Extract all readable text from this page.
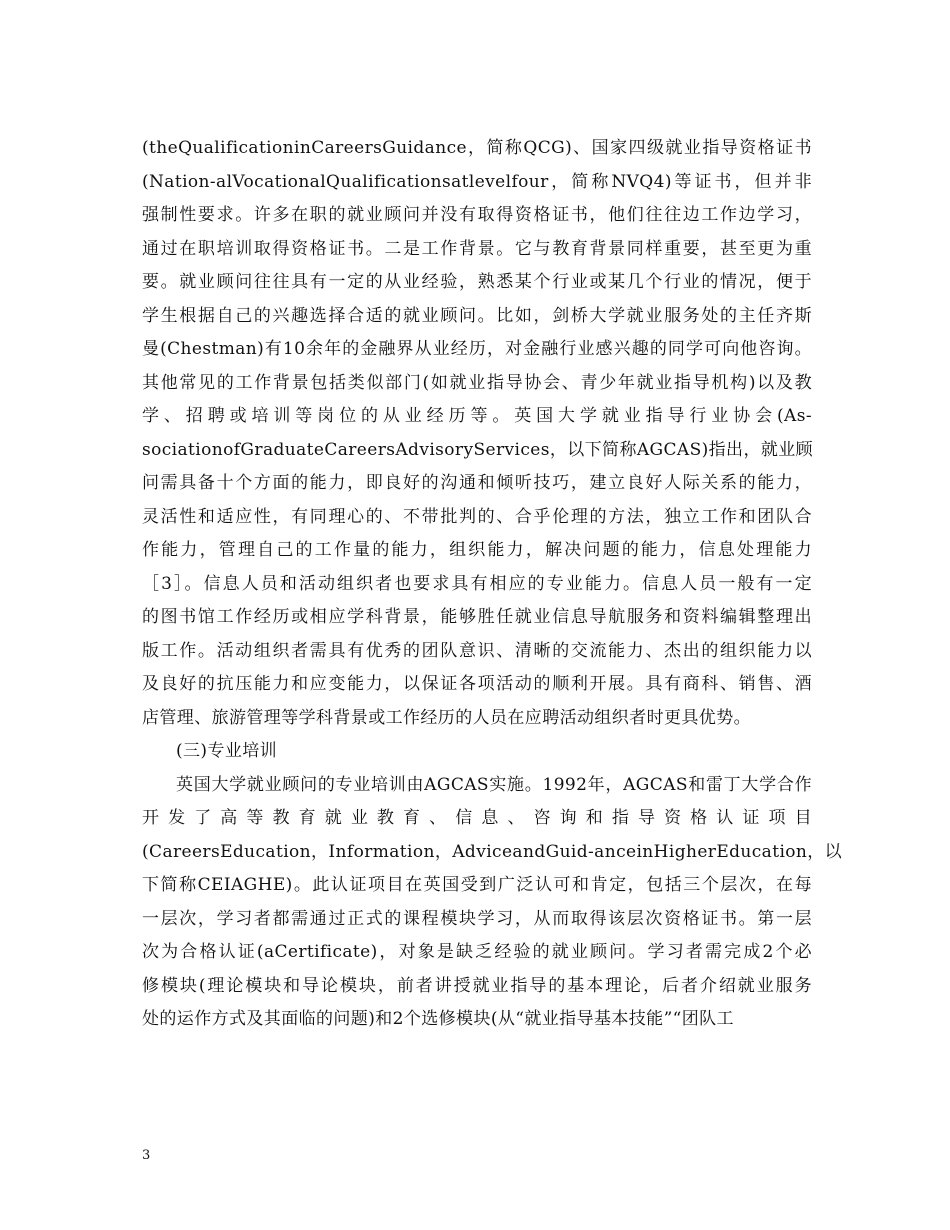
(theQualificationinCareersGuidance，简称QCG)、国家四级就业指导资格证书
(Nation-alVocationalQualificationsatlevelfour，简称NVQ4)等证书，但并非
强制性要求。许多在职的就业顾问并没有取得资格证书，他们往往边工作边学习，
通过在职培训取得资格证书。二是工作背景。它与教育背景同样重要，甚至更为重
要。就业顾问往往具有一定的从业经验，熟悉某个行业或某几个行业的情况，便于
学生根据自己的兴趣选择合适的就业顾问。比如，剑桥大学就业服务处的主任齐斯
曼(Chestman)有10余年的金融界从业经历，对金融行业感兴趣的同学可向他咨询。
其他常见的工作背景包括类似部门(如就业指导协会、青少年就业指导机构)以及教
学、招聘或培训等岗位的从业经历等。英国大学就业指导行业协会(As-
sociationofGraduateCareersAdvisoryServices，以下简称AGCAS)指出，就业顾
问需具备十个方面的能力，即良好的沟通和倾听技巧，建立良好人际关系的能力，
灵活性和适应性，有同理心的、不带批判的、合乎伦理的方法，独立工作和团队合
作能力，管理自己的工作量的能力，组织能力，解决问题的能力，信息处理能力
［3］。信息人员和活动组织者也要求具有相应的专业能力。信息人员一般有一定
的图书馆工作经历或相应学科背景，能够胜任就业信息导航服务和资料编辑整理出
版工作。活动组织者需具有优秀的团队意识、清晰的交流能力、杰出的组织能力以
及良好的抗压能力和应变能力，以保证各项活动的顺利开展。具有商科、销售、酒
店管理、旅游管理等学科背景或工作经历的人员在应聘活动组织者时更具优势。
(三)专业培训
英国大学就业顾问的专业培训由AGCAS实施。1992年，AGCAS和雷丁大学合作
开发了高等教育就业教育、信息、咨询和指导资格认证项目
(CareersEducation，Information，AdviceandGuid-anceinHigherEducation，以
下简称CEIAGHE)。此认证项目在英国受到广泛认可和肯定，包括三个层次，在每
一层次，学习者都需通过正式的课程模块学习，从而取得该层次资格证书。第一层
次为合格认证(aCertificate)，对象是缺乏经验的就业顾问。学习者需完成2个必
修模块(理论模块和导论模块，前者讲授就业指导的基本理论，后者介绍就业服务
处的运作方式及其面临的问题)和2个选修模块(从“就业指导基本技能”“团队工
3
